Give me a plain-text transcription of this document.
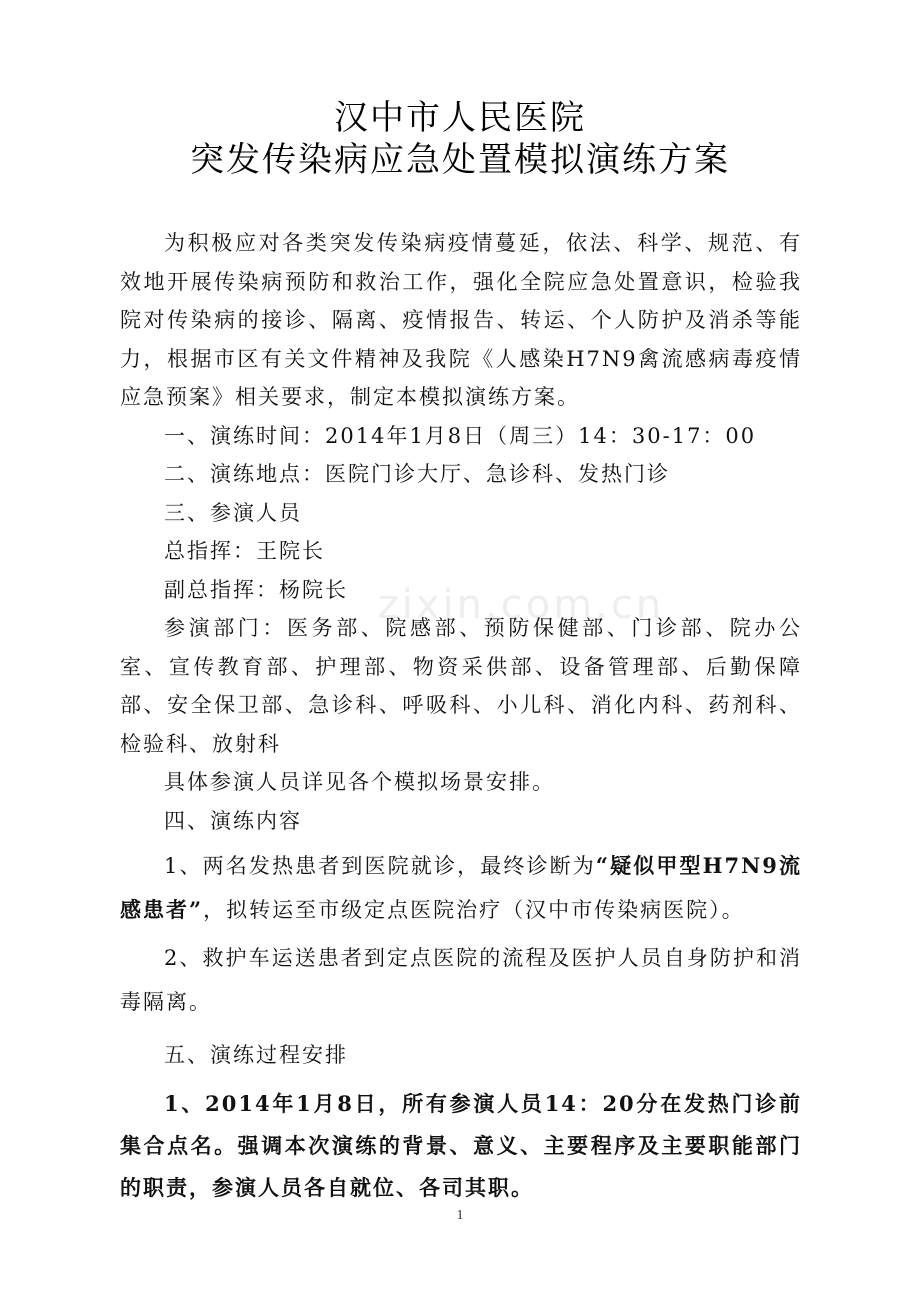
汉中市人民医院
突发传染病应急处置模拟演练方案

为积极应对各类突发传染病疫情蔓延，依法、科学、规范、有效地开展传染病预防和救治工作，强化全院应急处置意识，检验我院对传染病的接诊、隔离、疫情报告、转运、个人防护及消杀等能力，根据市区有关文件精神及我院《人感染H7N9禽流感病毒疫情应急预案》相关要求，制定本模拟演练方案。

一、演练时间：2014年1月8日（周三）14：30-17：00

二、演练地点：医院门诊大厅、急诊科、发热门诊

三、参演人员

总指挥：王院长

副总指挥：杨院长

参演部门：医务部、院感部、预防保健部、门诊部、院办公室、宣传教育部、护理部、物资采供部、设备管理部、后勤保障部、安全保卫部、急诊科、呼吸科、小儿科、消化内科、药剂科、检验科、放射科

具体参演人员详见各个模拟场景安排。

四、演练内容

1、两名发热患者到医院就诊，最终诊断为“疑似甲型H7N9流感患者”，拟转运至市级定点医院治疗（汉中市传染病医院）。

2、救护车运送患者到定点医院的流程及医护人员自身防护和消毒隔离。

五、演练过程安排

1、2014年1月8日，所有参演人员14：20分在发热门诊前集合点名。强调本次演练的背景、意义、主要程序及主要职能部门的职责，参演人员各自就位、各司其职。

zixin.com.cn
1
